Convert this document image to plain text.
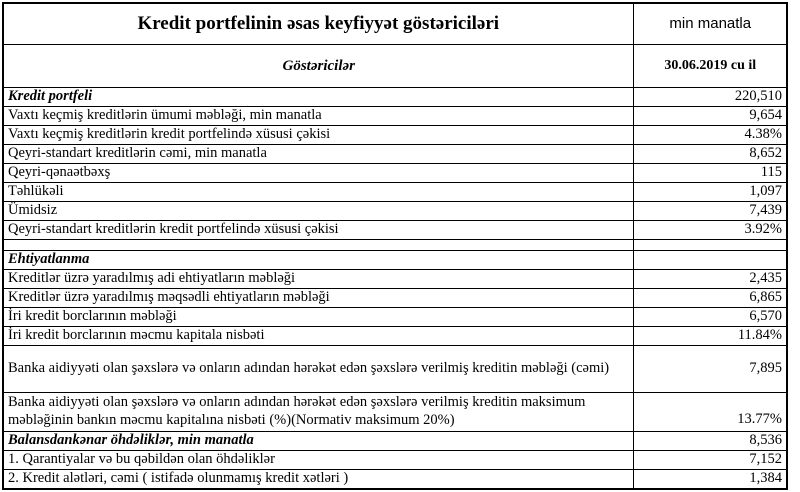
Kredit portfelinin əsas keyfiyyət göstəriciləri	min manatla
Göstəricilər	30.06.2019 cu il
Kredit portfeli	220,510
Vaxtı keçmiş kreditlərin ümumi məbləği, min manatla	9,654
Vaxtı keçmiş kreditlərin kredit portfelində xüsusi çəkisi	4.38%
Qeyri-standart kreditlərin cəmi, min manatla	8,652
Qeyri-qənaətbəxş	115
Təhlükəli	1,097
Ümidsiz	7,439
Qeyri-standart kreditlərin kredit portfelində xüsusi çəkisi	3.92%

Ehtiyatlanma	
Kreditlər üzrə yaradılmış adi ehtiyatların məbləği	2,435
Kreditlər üzrə yaradılmış məqsədli ehtiyatların məbləği	6,865
İri kredit borclarının məbləği	6,570
İri kredit borclarının məcmu kapitala nisbəti	11.84%
Banka aidiyyəti olan şəxslərə və onların adından hərəkət edən şəxslərə verilmiş kreditin məbləği (cəmi)	7,895
Banka aidiyyəti olan şəxslərə və onların adından hərəkət edən şəxslərə verilmiş kreditin maksimum məbləğinin bankın məcmu kapitalına nisbəti (%)(Normativ maksimum 20%)	13.77%
Balansdankənar öhdəliklər, min manatla	8,536
1. Qarantiyalar və bu qəbildən olan öhdəliklər	7,152
2. Kredit alətləri, cəmi ( istifadə olunmamış kredit xətləri )	1,384
